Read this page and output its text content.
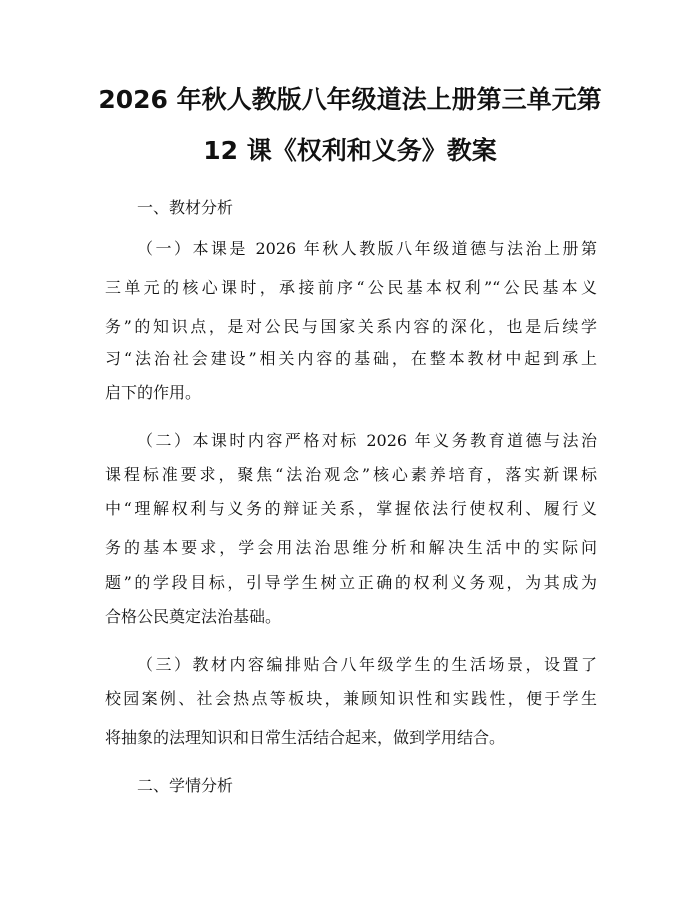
2026 年秋人教版八年级道法上册第三单元第
12 课《权利和义务》教案

一、教材分析

（一）本课是 2026 年秋人教版八年级道德与法治上册第

三单元的核心课时，承接前序“公民基本权利”“公民基本义

务”的知识点，是对公民与国家关系内容的深化，也是后续学

习“法治社会建设”相关内容的基础，在整本教材中起到承上

启下的作用。

（二）本课时内容严格对标 2026 年义务教育道德与法治

课程标准要求，聚焦“法治观念”核心素养培育，落实新课标

中“理解权利与义务的辩证关系，掌握依法行使权利、履行义

务的基本要求，学会用法治思维分析和解决生活中的实际问

题”的学段目标，引导学生树立正确的权利义务观，为其成为

合格公民奠定法治基础。

（三）教材内容编排贴合八年级学生的生活场景，设置了

校园案例、社会热点等板块，兼顾知识性和实践性，便于学生

将抽象的法理知识和日常生活结合起来，做到学用结合。

二、学情分析
